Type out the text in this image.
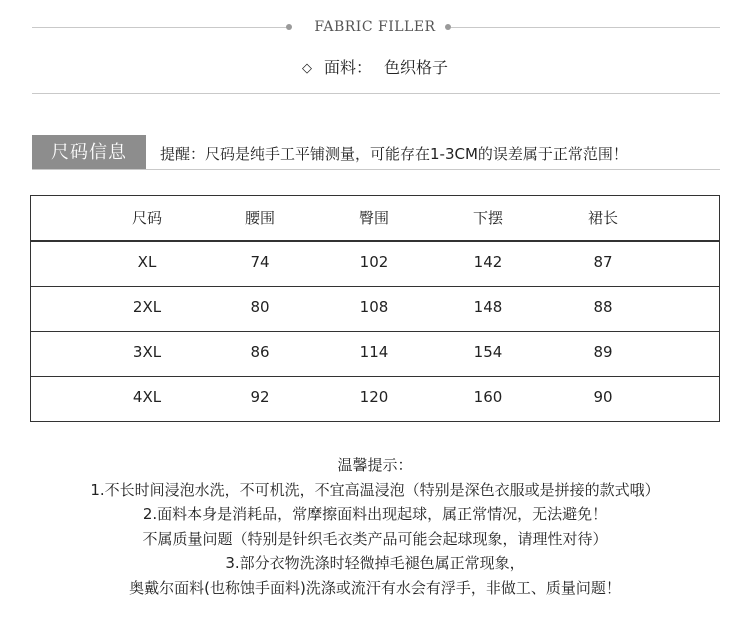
FABRIC FILLER
◇ 面料： 色织格子
尺码信息	提醒：尺码是纯手工平铺测量，可能存在1-3CM的误差属于正常范围！
尺码	腰围	臀围	下摆	裙长
XL	74	102	142	87
2XL	80	108	148	88
3XL	86	114	154	89
4XL	92	120	160	90
温馨提示：
1.不长时间浸泡水洗，不可机洗，不宜高温浸泡（特别是深色衣服或是拼接的款式哦）
2.面料本身是消耗品，常摩擦面料出现起球，属正常情况，无法避免！
不属质量问题（特别是针织毛衣类产品可能会起球现象，请理性对待）
3.部分衣物洗涤时轻微掉毛褪色属正常现象，
奥戴尔面料(也称蚀手面料)洗涤或流汗有水会有浮手，非做工、质量问题！
